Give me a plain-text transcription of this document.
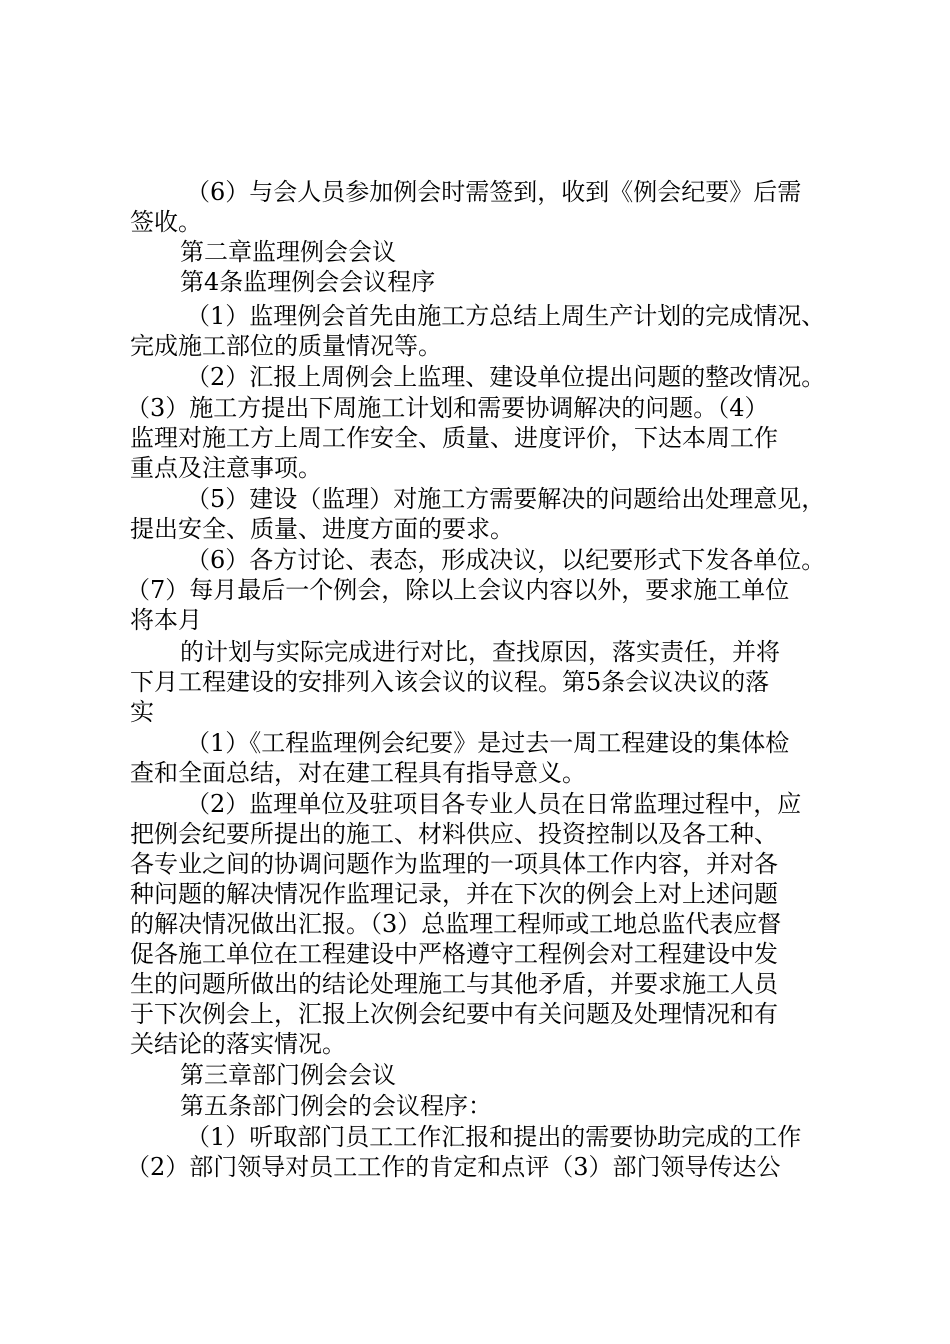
（6）与会人员参加例会时需签到，收到《例会纪要》后需

签收。

第二章监理例会会议

第4条监理例会会议程序

（1）监理例会首先由施工方总结上周生产计划的完成情况、

完成施工部位的质量情况等。

（2）汇报上周例会上监理、建设单位提出问题的整改情况。

（3）施工方提出下周施工计划和需要协调解决的问题。（4）

监理对施工方上周工作安全、质量、进度评价，下达本周工作

重点及注意事项。

（5）建设（监理）对施工方需要解决的问题给出处理意见，

提出安全、质量、进度方面的要求。

（6）各方讨论、表态，形成决议，以纪要形式下发各单位。

（7）每月最后一个例会，除以上会议内容以外，要求施工单位

将本月

的计划与实际完成进行对比，查找原因，落实责任，并将

下月工程建设的安排列入该会议的议程。第5条会议决议的落

实

（1）《工程监理例会纪要》是过去一周工程建设的集体检

查和全面总结，对在建工程具有指导意义。

（2）监理单位及驻项目各专业人员在日常监理过程中，应

把例会纪要所提出的施工、材料供应、投资控制以及各工种、

各专业之间的协调问题作为监理的一项具体工作内容，并对各

种问题的解决情况作监理记录，并在下次的例会上对上述问题

的解决情况做出汇报。（3）总监理工程师或工地总监代表应督

促各施工单位在工程建设中严格遵守工程例会对工程建设中发

生的问题所做出的结论处理施工与其他矛盾，并要求施工人员

于下次例会上，汇报上次例会纪要中有关问题及处理情况和有

关结论的落实情况。

第三章部门例会会议

第五条部门例会的会议程序：

（1）听取部门员工工作汇报和提出的需要协助完成的工作

（2）部门领导对员工工作的肯定和点评（3）部门领导传达公
